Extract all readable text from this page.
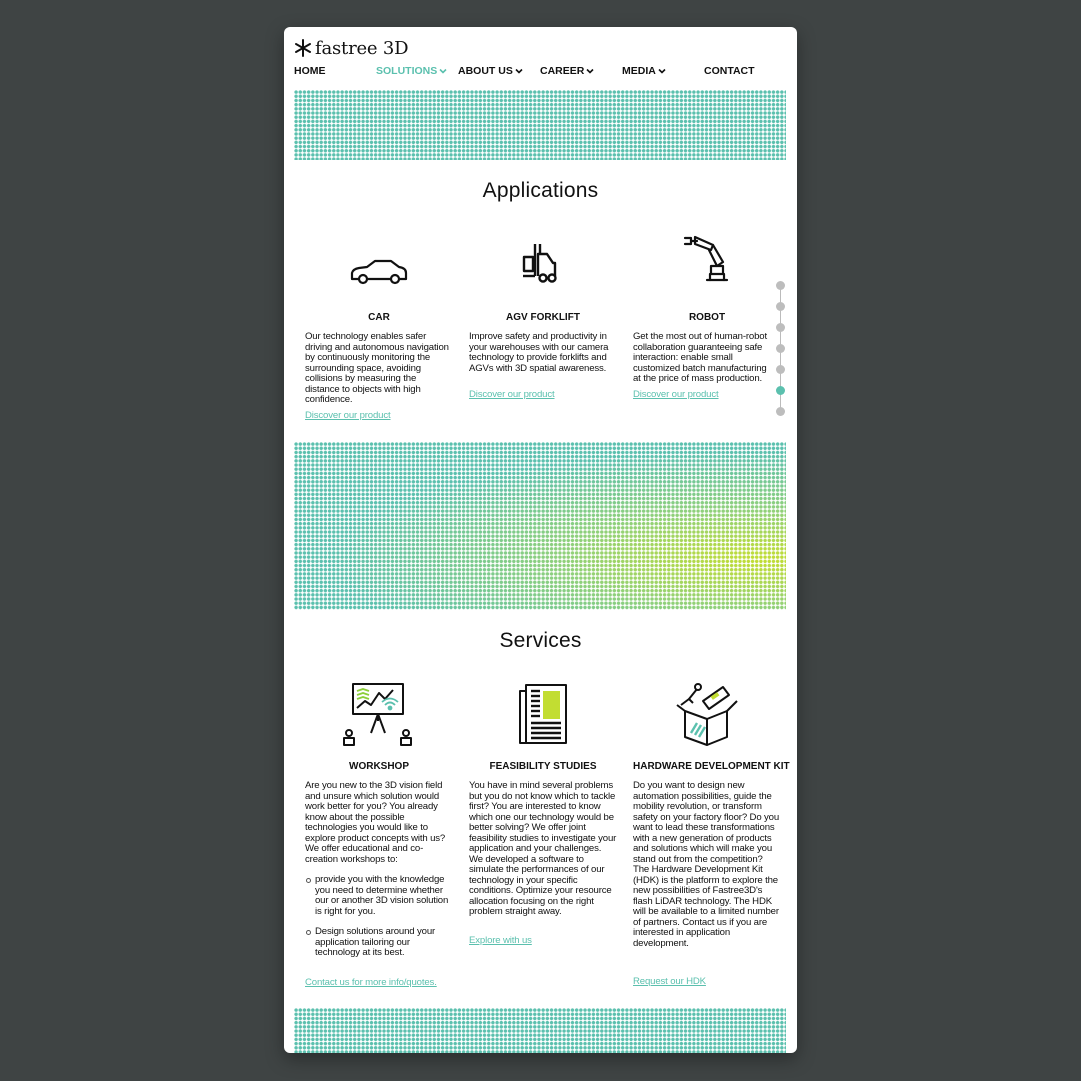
fastree 3D
HOME	SOLUTIONS ABOUT US	CAREER	MEDIA	CONTACT
Applications
CAR
Our technology enables safer driving and autonomous navigation by continuously monitoring the surrounding space, avoiding collisions by measuring the distance to objects with high confidence.
Discover our product
AGV FORKLIFT
Improve safety and productivity in your warehouses with our camera technology to provide forklifts and AGVs with 3D spatial awareness.
Discover our product
ROBOT
Get the most out of human-robot collaboration guaranteeing safe interaction: enable small customized batch manufacturing at the price of mass production.
Discover our product
Services
WORKSHOP
Are you new to the 3D vision field and unsure which solution would work better for you? You already know about the possible technologies you would like to explore product concepts with us? We offer educational and co-creation workshops to:
provide you with the knowledge you need to determine whether our or another 3D vision solution is right for you.
Design solutions around your application tailoring our technology at its best.
Contact us for more info/quotes.
FEASIBILITY STUDIES
You have in mind several problems but you do not know which to tackle first? You are interested to know which one our technology would be better solving? We offer joint feasibility studies to investigate your application and your challenges. We developed a software to simulate the performances of our technology in your specific conditions. Optimize your resource allocation focusing on the right problem straight away.
Explore with us
HARDWARE DEVELOPMENT KIT
Do you want to design new automation possibilities, guide the mobility revolution, or transform safety on your factory floor? Do you want to lead these transformations with a new generation of products and solutions which will make you stand out from the competition? The Hardware Development Kit (HDK) is the platform to explore the new possibilities of Fastree3D's flash LiDAR technology. The HDK will be available to a limited number of partners. Contact us if you are interested in application development.
Request our HDK
